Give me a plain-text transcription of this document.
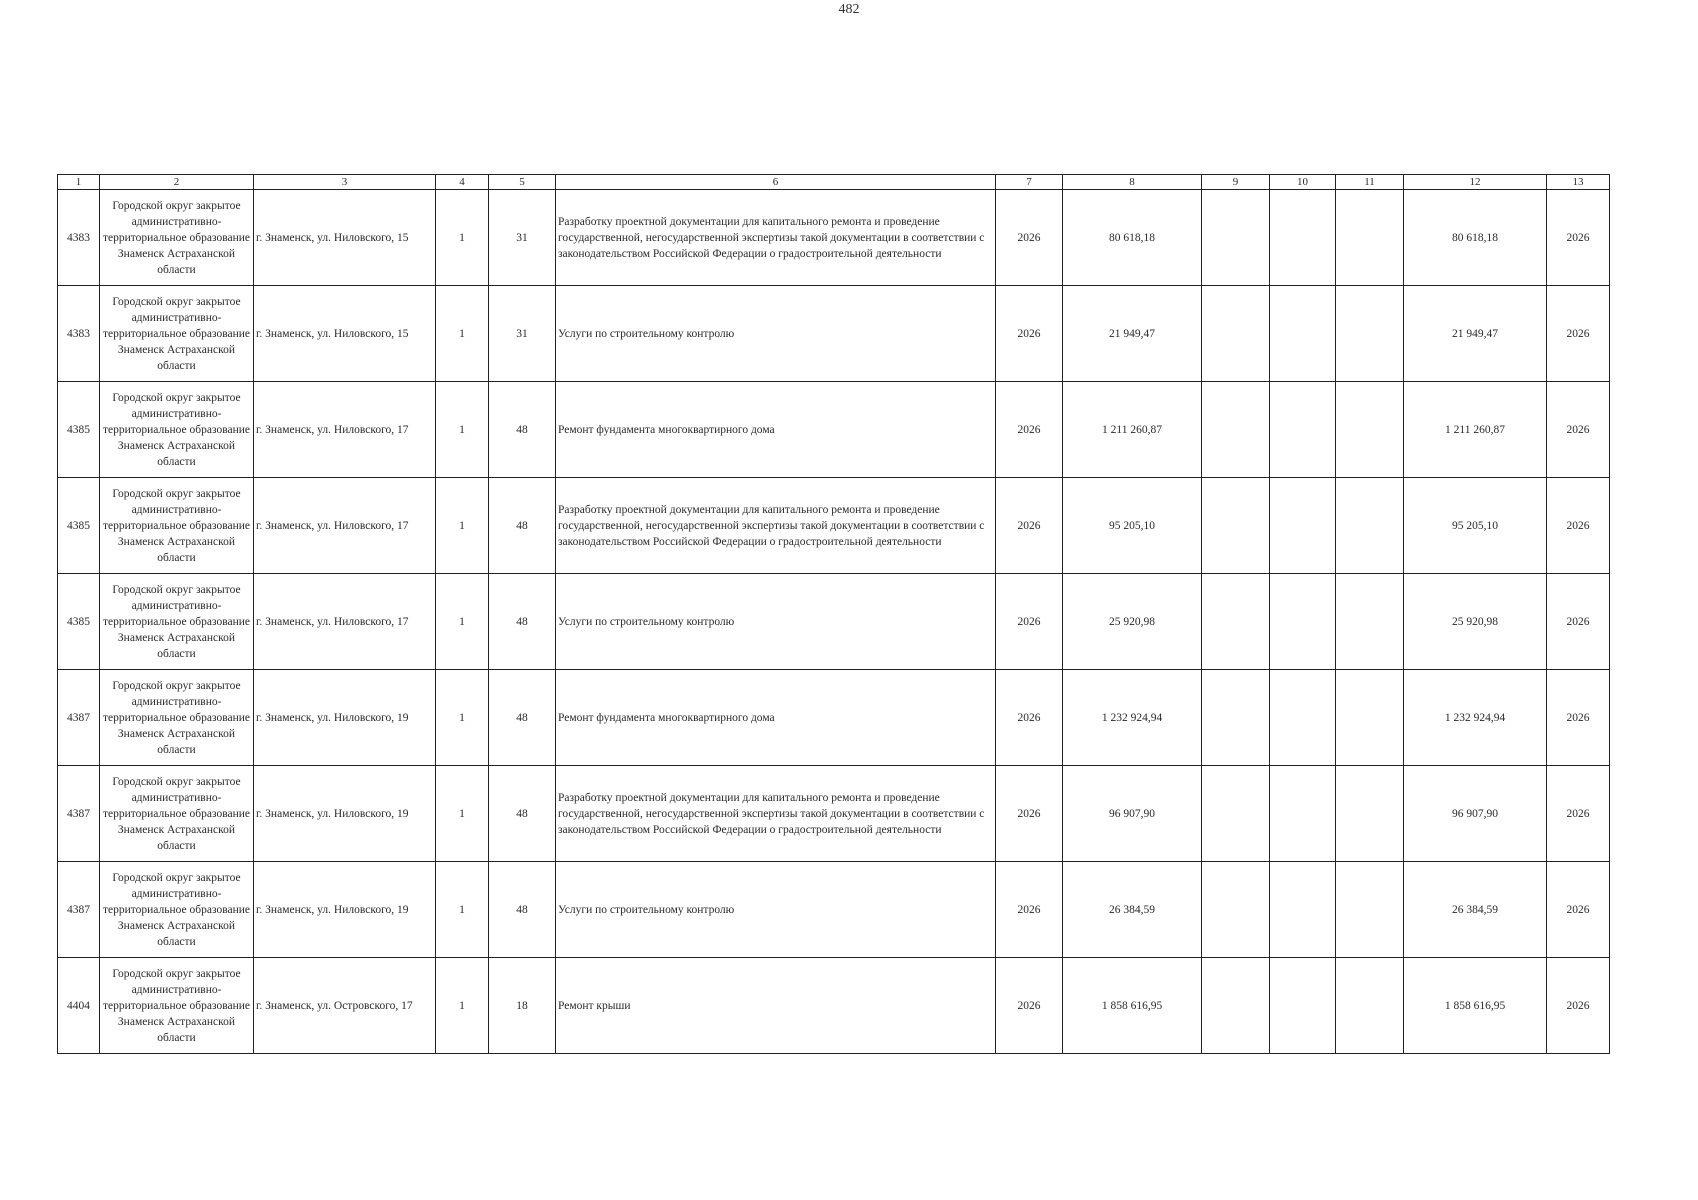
482
1	2	3	4	5	6	7	8	9	10	11	12	13
4383	Городской округ закрытое административно-территориальное образование Знаменск Астраханской области	г. Знаменск, ул. Ниловского, 15	1	31	Разработку проектной документации для капитального ремонта и проведение государственной, негосударственной экспертизы такой документации в соответствии с законодательством Российской Федерации о градостроительной деятельности	2026	80 618,18				80 618,18	2026
4383	Городской округ закрытое административно-территориальное образование Знаменск Астраханской области	г. Знаменск, ул. Ниловского, 15	1	31	Услуги по строительному контролю	2026	21 949,47				21 949,47	2026
4385	Городской округ закрытое административно-территориальное образование Знаменск Астраханской области	г. Знаменск, ул. Ниловского, 17	1	48	Ремонт фундамента многоквартирного дома	2026	1 211 260,87				1 211 260,87	2026
4385	Городской округ закрытое административно-территориальное образование Знаменск Астраханской области	г. Знаменск, ул. Ниловского, 17	1	48	Разработку проектной документации для капитального ремонта и проведение государственной, негосударственной экспертизы такой документации в соответствии с законодательством Российской Федерации о градостроительной деятельности	2026	95 205,10				95 205,10	2026
4385	Городской округ закрытое административно-территориальное образование Знаменск Астраханской области	г. Знаменск, ул. Ниловского, 17	1	48	Услуги по строительному контролю	2026	25 920,98				25 920,98	2026
4387	Городской округ закрытое административно-территориальное образование Знаменск Астраханской области	г. Знаменск, ул. Ниловского, 19	1	48	Ремонт фундамента многоквартирного дома	2026	1 232 924,94				1 232 924,94	2026
4387	Городской округ закрытое административно-территориальное образование Знаменск Астраханской области	г. Знаменск, ул. Ниловского, 19	1	48	Разработку проектной документации для капитального ремонта и проведение государственной, негосударственной экспертизы такой документации в соответствии с законодательством Российской Федерации о градостроительной деятельности	2026	96 907,90				96 907,90	2026
4387	Городской округ закрытое административно-территориальное образование Знаменск Астраханской области	г. Знаменск, ул. Ниловского, 19	1	48	Услуги по строительному контролю	2026	26 384,59				26 384,59	2026
4404	Городской округ закрытое административно-территориальное образование Знаменск Астраханской области	г. Знаменск, ул. Островского, 17	1	18	Ремонт крыши	2026	1 858 616,95				1 858 616,95	2026
